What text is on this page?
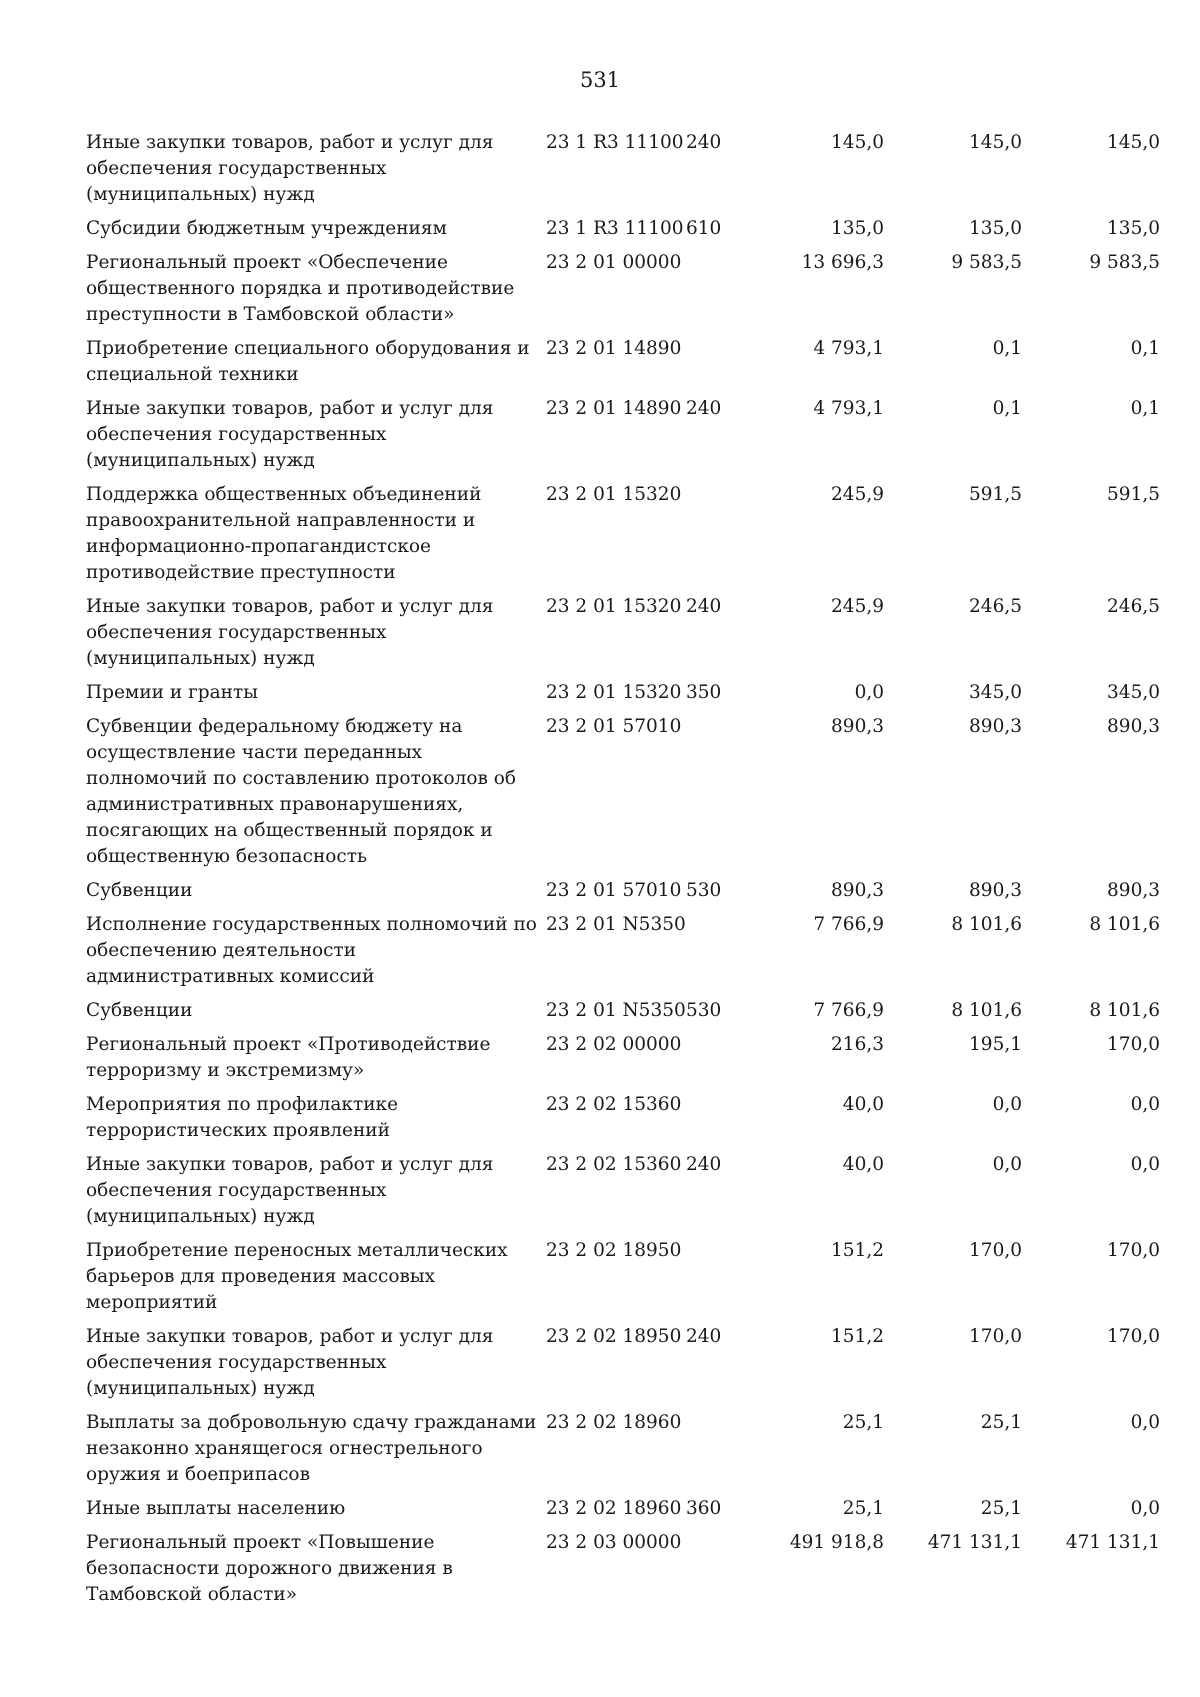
531
Иные закупки товаров, работ и услуг для обеспечения государственных (муниципальных) нужд	23 1 R3 11100	240	145,0	145,0	145,0
Субсидии бюджетным учреждениям	23 1 R3 11100	610	135,0	135,0	135,0
Региональный проект «Обеспечение общественного порядка и противодействие преступности в Тамбовской области»	23 2 01 00000		13 696,3	9 583,5	9 583,5
Приобретение специального оборудования и специальной техники	23 2 01 14890		4 793,1	0,1	0,1
Иные закупки товаров, работ и услуг для обеспечения государственных (муниципальных) нужд	23 2 01 14890	240	4 793,1	0,1	0,1
Поддержка общественных объединений правоохранительной направленности и информационно-пропагандистское противодействие преступности	23 2 01 15320		245,9	591,5	591,5
Иные закупки товаров, работ и услуг для обеспечения государственных (муниципальных) нужд	23 2 01 15320	240	245,9	246,5	246,5
Премии и гранты	23 2 01 15320	350	0,0	345,0	345,0
Субвенции федеральному бюджету на осуществление части переданных полномочий по составлению протоколов об административных правонарушениях, посягающих на общественный порядок и общественную безопасность	23 2 01 57010		890,3	890,3	890,3
Субвенции	23 2 01 57010	530	890,3	890,3	890,3
Исполнение государственных полномочий по обеспечению деятельности административных комиссий	23 2 01 N5350		7 766,9	8 101,6	8 101,6
Субвенции	23 2 01 N5350	530	7 766,9	8 101,6	8 101,6
Региональный проект «Противодействие терроризму и экстремизму»	23 2 02 00000		216,3	195,1	170,0
Мероприятия по профилактике террористических проявлений	23 2 02 15360		40,0	0,0	0,0
Иные закупки товаров, работ и услуг для обеспечения государственных (муниципальных) нужд	23 2 02 15360	240	40,0	0,0	0,0
Приобретение переносных металлических барьеров для проведения массовых мероприятий	23 2 02 18950		151,2	170,0	170,0
Иные закупки товаров, работ и услуг для обеспечения государственных (муниципальных) нужд	23 2 02 18950	240	151,2	170,0	170,0
Выплаты за добровольную сдачу гражданами незаконно хранящегося огнестрельного оружия и боеприпасов	23 2 02 18960		25,1	25,1	0,0
Иные выплаты населению	23 2 02 18960	360	25,1	25,1	0,0
Региональный проект «Повышение безопасности дорожного движения в Тамбовской области»	23 2 03 00000		491 918,8	471 131,1	471 131,1
